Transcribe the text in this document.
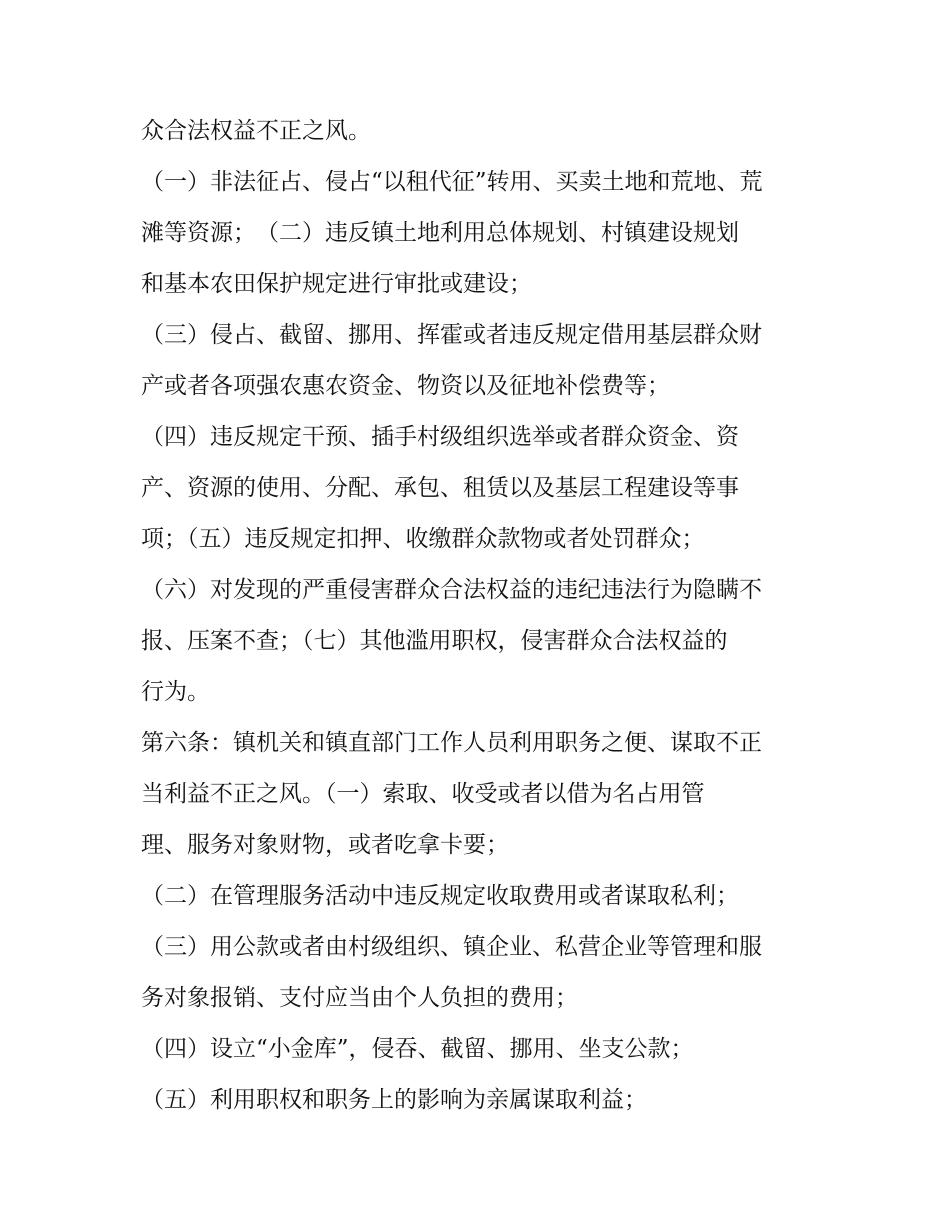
众合法权益不正之风。
（一）非法征占、侵占“以租代征”转用、买卖土地和荒地、荒
滩等资源；　（二）违反镇土地利用总体规划、村镇建设规划
和基本农田保护规定进行审批或建设；
（三）侵占、截留、挪用、挥霍或者违反规定借用基层群众财
产或者各项强农惠农资金、物资以及征地补偿费等；
（四）违反规定干预、插手村级组织选举或者群众资金、资
产、资源的使用、分配、承包、租赁以及基层工程建设等事
项；（五）违反规定扣押、收缴群众款物或者处罚群众；
（六）对发现的严重侵害群众合法权益的违纪违法行为隐瞒不
报、压案不查；（七）其他滥用职权，侵害群众合法权益的
行为。
第六条：镇机关和镇直部门工作人员利用职务之便、谋取不正
当利益不正之风。（一）索取、收受或者以借为名占用管
理、服务对象财物，或者吃拿卡要；
（二）在管理服务活动中违反规定收取费用或者谋取私利；
（三）用公款或者由村级组织、镇企业、私营企业等管理和服
务对象报销、支付应当由个人负担的费用；
（四）设立“小金库”，侵吞、截留、挪用、坐支公款；
（五）利用职权和职务上的影响为亲属谋取利益；
